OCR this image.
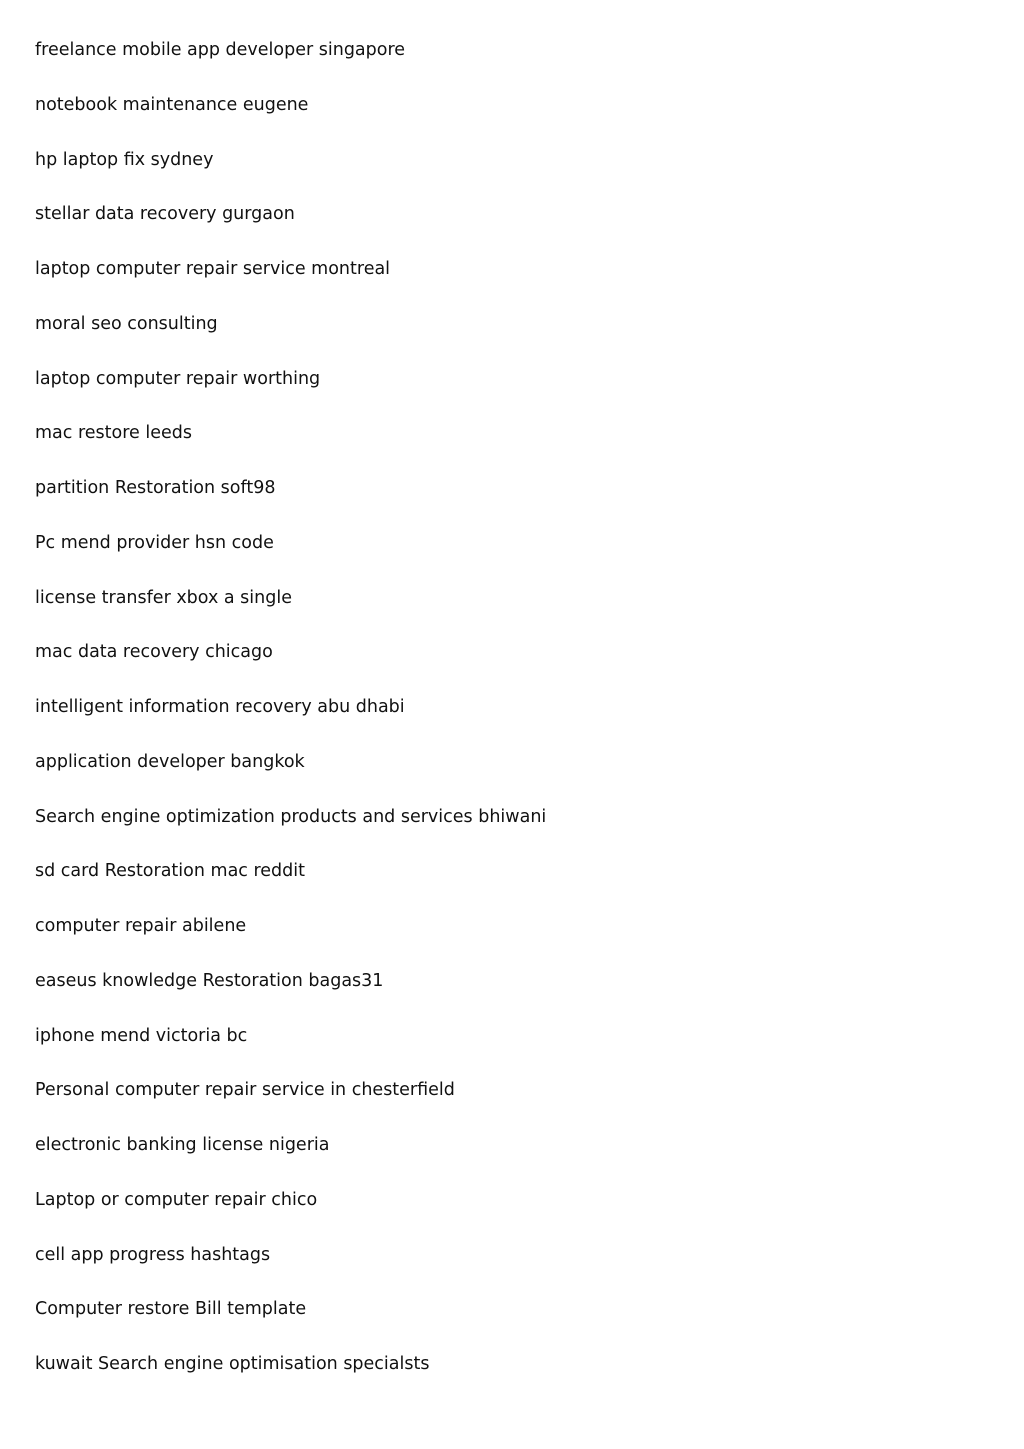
freelance mobile app developer singapore
notebook maintenance eugene
hp laptop fix sydney
stellar data recovery gurgaon
laptop computer repair service montreal
moral seo consulting
laptop computer repair worthing
mac restore leeds
partition Restoration soft98
Pc mend provider hsn code
license transfer xbox a single
mac data recovery chicago
intelligent information recovery abu dhabi
application developer bangkok
Search engine optimization products and services bhiwani
sd card Restoration mac reddit
computer repair abilene
easeus knowledge Restoration bagas31
iphone mend victoria bc
Personal computer repair service in chesterfield
electronic banking license nigeria
Laptop or computer repair chico
cell app progress hashtags
Computer restore Bill template
kuwait Search engine optimisation specialsts
